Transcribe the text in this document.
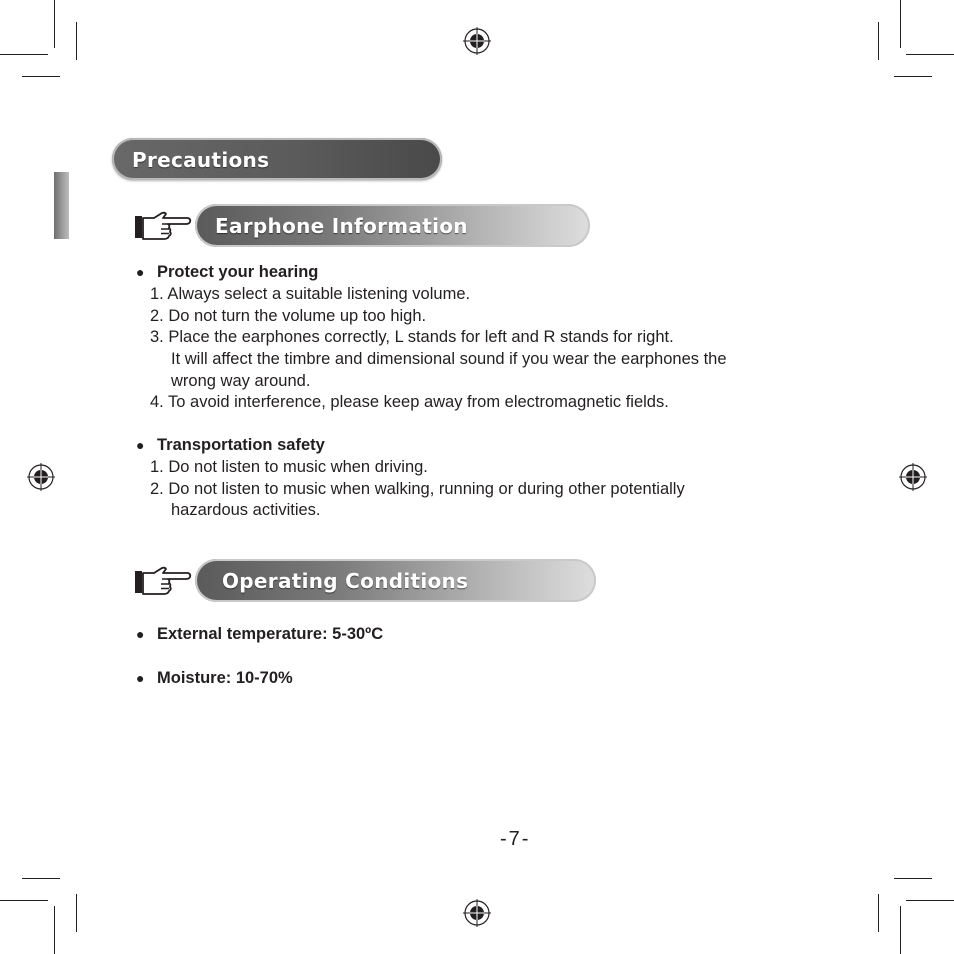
Precautions
Earphone Information
● Protect your hearing
1. Always select a suitable listening volume.
2. Do not turn the volume up too high.
3. Place the earphones correctly, L stands for left and R stands for right.
It will affect the timbre and dimensional sound if you wear the earphones the
wrong way around.
4. To avoid interference, please keep away from electromagnetic fields.
● Transportation safety
1. Do not listen to music when driving.
2. Do not listen to music when walking, running or during other potentially
hazardous activities.
Operating Conditions
● External temperature: 5-30ºC
● Moisture: 10-70%
-7-
